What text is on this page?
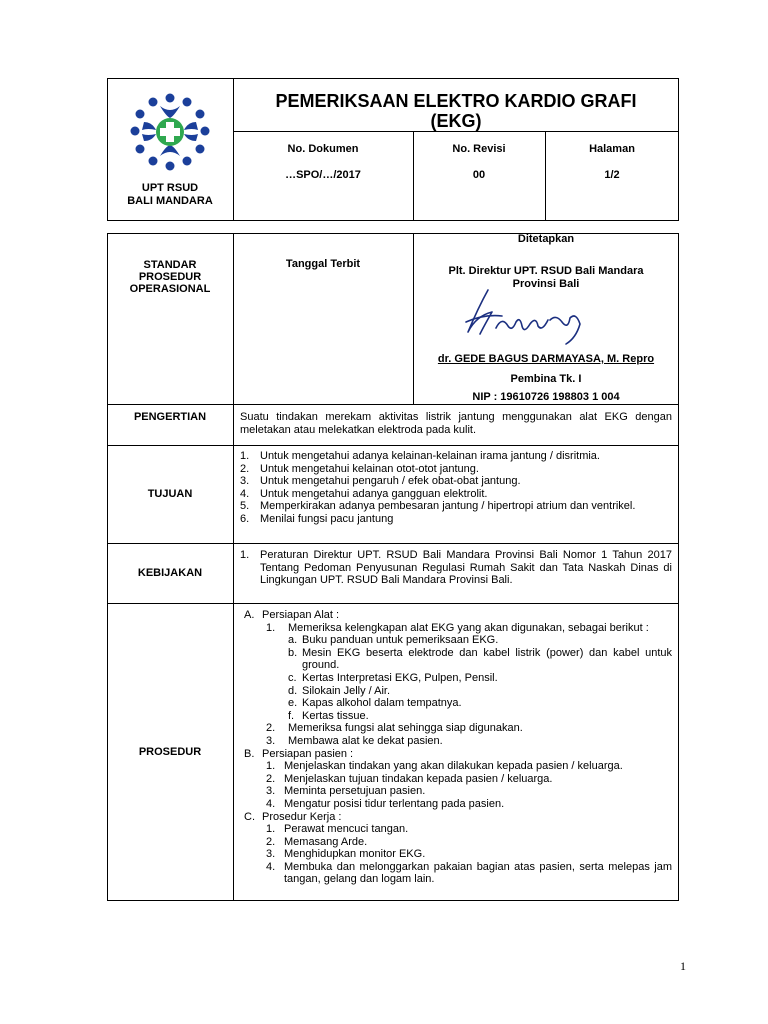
UPT RSUD
BALI MANDARA
PEMERIKSAAN ELEKTRO KARDIO GRAFI
(EKG)
No. Dokumen	No. Revisi	Halaman
…SPO/…/2017	00	1/2
STANDAR
PROSEDUR
OPERASIONAL
Tanggal Terbit
Ditetapkan
Plt. Direktur UPT. RSUD Bali Mandara
Provinsi Bali
dr. GEDE BAGUS DARMAYASA, M. Repro
Pembina Tk. I
NIP : 19610726 198803 1 004
PENGERTIAN	Suatu tindakan merekam aktivitas listrik jantung menggunakan alat EKG dengan meletakan atau melekatkan elektroda pada kulit.
TUJUAN
1. Untuk mengetahui adanya kelainan-kelainan irama jantung / disritmia.
2. Untuk mengetahui kelainan otot-otot jantung.
3. Untuk mengetahui pengaruh / efek obat-obat jantung.
4. Untuk mengetahui adanya gangguan elektrolit.
5. Memperkirakan adanya pembesaran jantung / hipertropi atrium dan ventrikel.
6. Menilai fungsi pacu jantung
KEBIJAKAN
1. Peraturan Direktur UPT. RSUD Bali Mandara Provinsi Bali Nomor 1 Tahun 2017 Tentang Pedoman Penyusunan Regulasi Rumah Sakit dan Tata Naskah Dinas di Lingkungan UPT. RSUD Bali Mandara Provinsi Bali.
PROSEDUR
A. Persiapan Alat :
1.	Memeriksa kelengkapan alat EKG yang akan digunakan, sebagai berikut :
a. Buku panduan untuk pemeriksaan EKG.
b. Mesin EKG beserta elektrode dan kabel listrik (power) dan kabel untuk ground.
c. Kertas Interpretasi EKG, Pulpen, Pensil.
d. Silokain Jelly / Air.
e. Kapas alkohol dalam tempatnya.
f. Kertas tissue.
2.	Memeriksa fungsi alat sehingga siap digunakan.
3.	Membawa alat ke dekat pasien.
B. Persiapan pasien :
1. Menjelaskan tindakan yang akan dilakukan kepada pasien / keluarga.
2. Menjelaskan tujuan tindakan kepada pasien / keluarga.
3. Meminta persetujuan pasien.
4. Mengatur posisi tidur terlentang pada pasien.
C. Prosedur Kerja :
1. Perawat mencuci tangan.
2. Memasang Arde.
3. Menghidupkan monitor EKG.
4. Membuka dan melonggarkan pakaian bagian atas pasien, serta melepas jam tangan, gelang dan logam lain.
1
